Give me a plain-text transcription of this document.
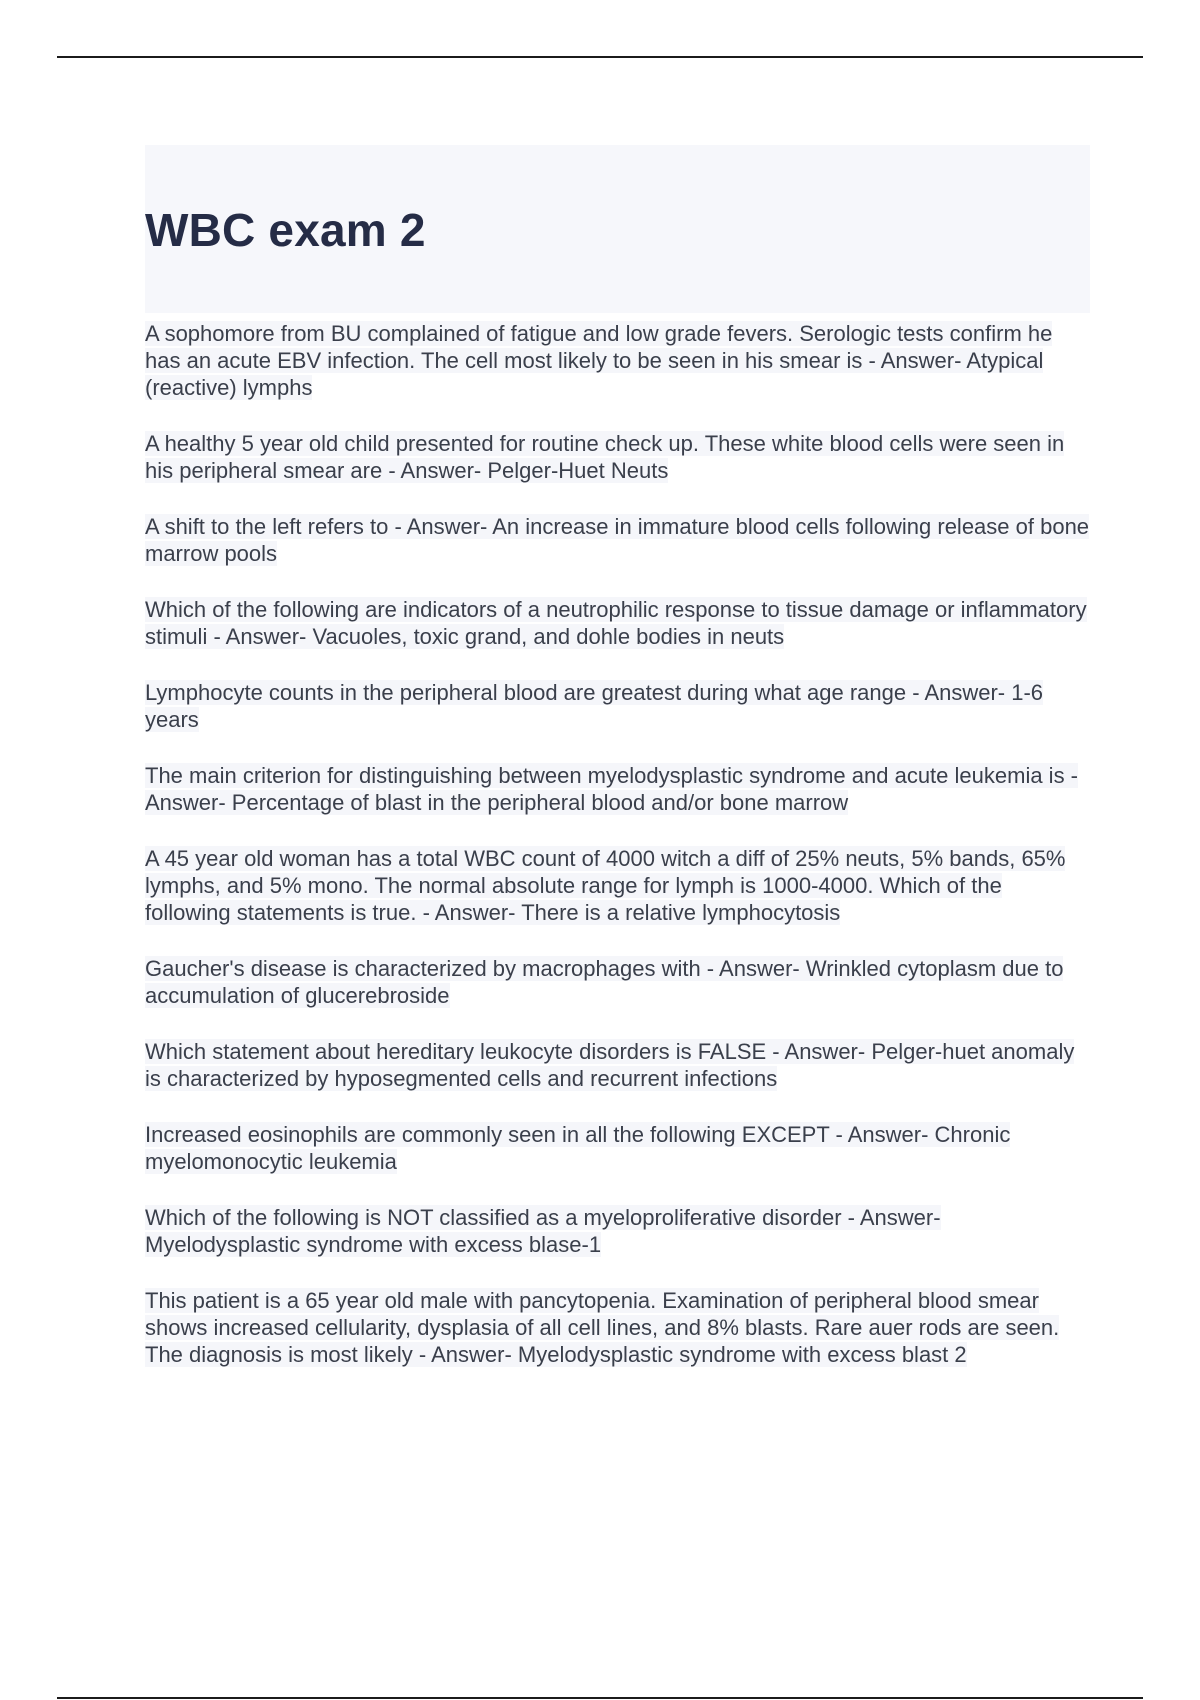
WBC exam 2

A sophomore from BU complained of fatigue and low grade fevers. Serologic tests confirm he has an acute EBV infection. The cell most likely to be seen in his smear is - Answer- Atypical (reactive) lymphs

A healthy 5 year old child presented for routine check up. These white blood cells were seen in his peripheral smear are - Answer- Pelger-Huet Neuts

A shift to the left refers to - Answer- An increase in immature blood cells following release of bone marrow pools

Which of the following are indicators of a neutrophilic response to tissue damage or inflammatory stimuli - Answer- Vacuoles, toxic grand, and dohle bodies in neuts

Lymphocyte counts in the peripheral blood are greatest during what age range - Answer- 1-6 years

The main criterion for distinguishing between myelodysplastic syndrome and acute leukemia is - Answer- Percentage of blast in the peripheral blood and/or bone marrow

A 45 year old woman has a total WBC count of 4000 witch a diff of 25% neuts, 5% bands, 65% lymphs, and 5% mono. The normal absolute range for lymph is 1000-4000. Which of the following statements is true. - Answer- There is a relative lymphocytosis

Gaucher's disease is characterized by macrophages with - Answer- Wrinkled cytoplasm due to accumulation of glucerebroside

Which statement about hereditary leukocyte disorders is FALSE - Answer- Pelger-huet anomaly is characterized by hyposegmented cells and recurrent infections

Increased eosinophils are commonly seen in all the following EXCEPT - Answer- Chronic myelomonocytic leukemia

Which of the following is NOT classified as a myeloproliferative disorder - Answer- Myelodysplastic syndrome with excess blase-1

This patient is a 65 year old male with pancytopenia. Examination of peripheral blood smear shows increased cellularity, dysplasia of all cell lines, and 8% blasts. Rare auer rods are seen. The diagnosis is most likely - Answer- Myelodysplastic syndrome with excess blast 2
